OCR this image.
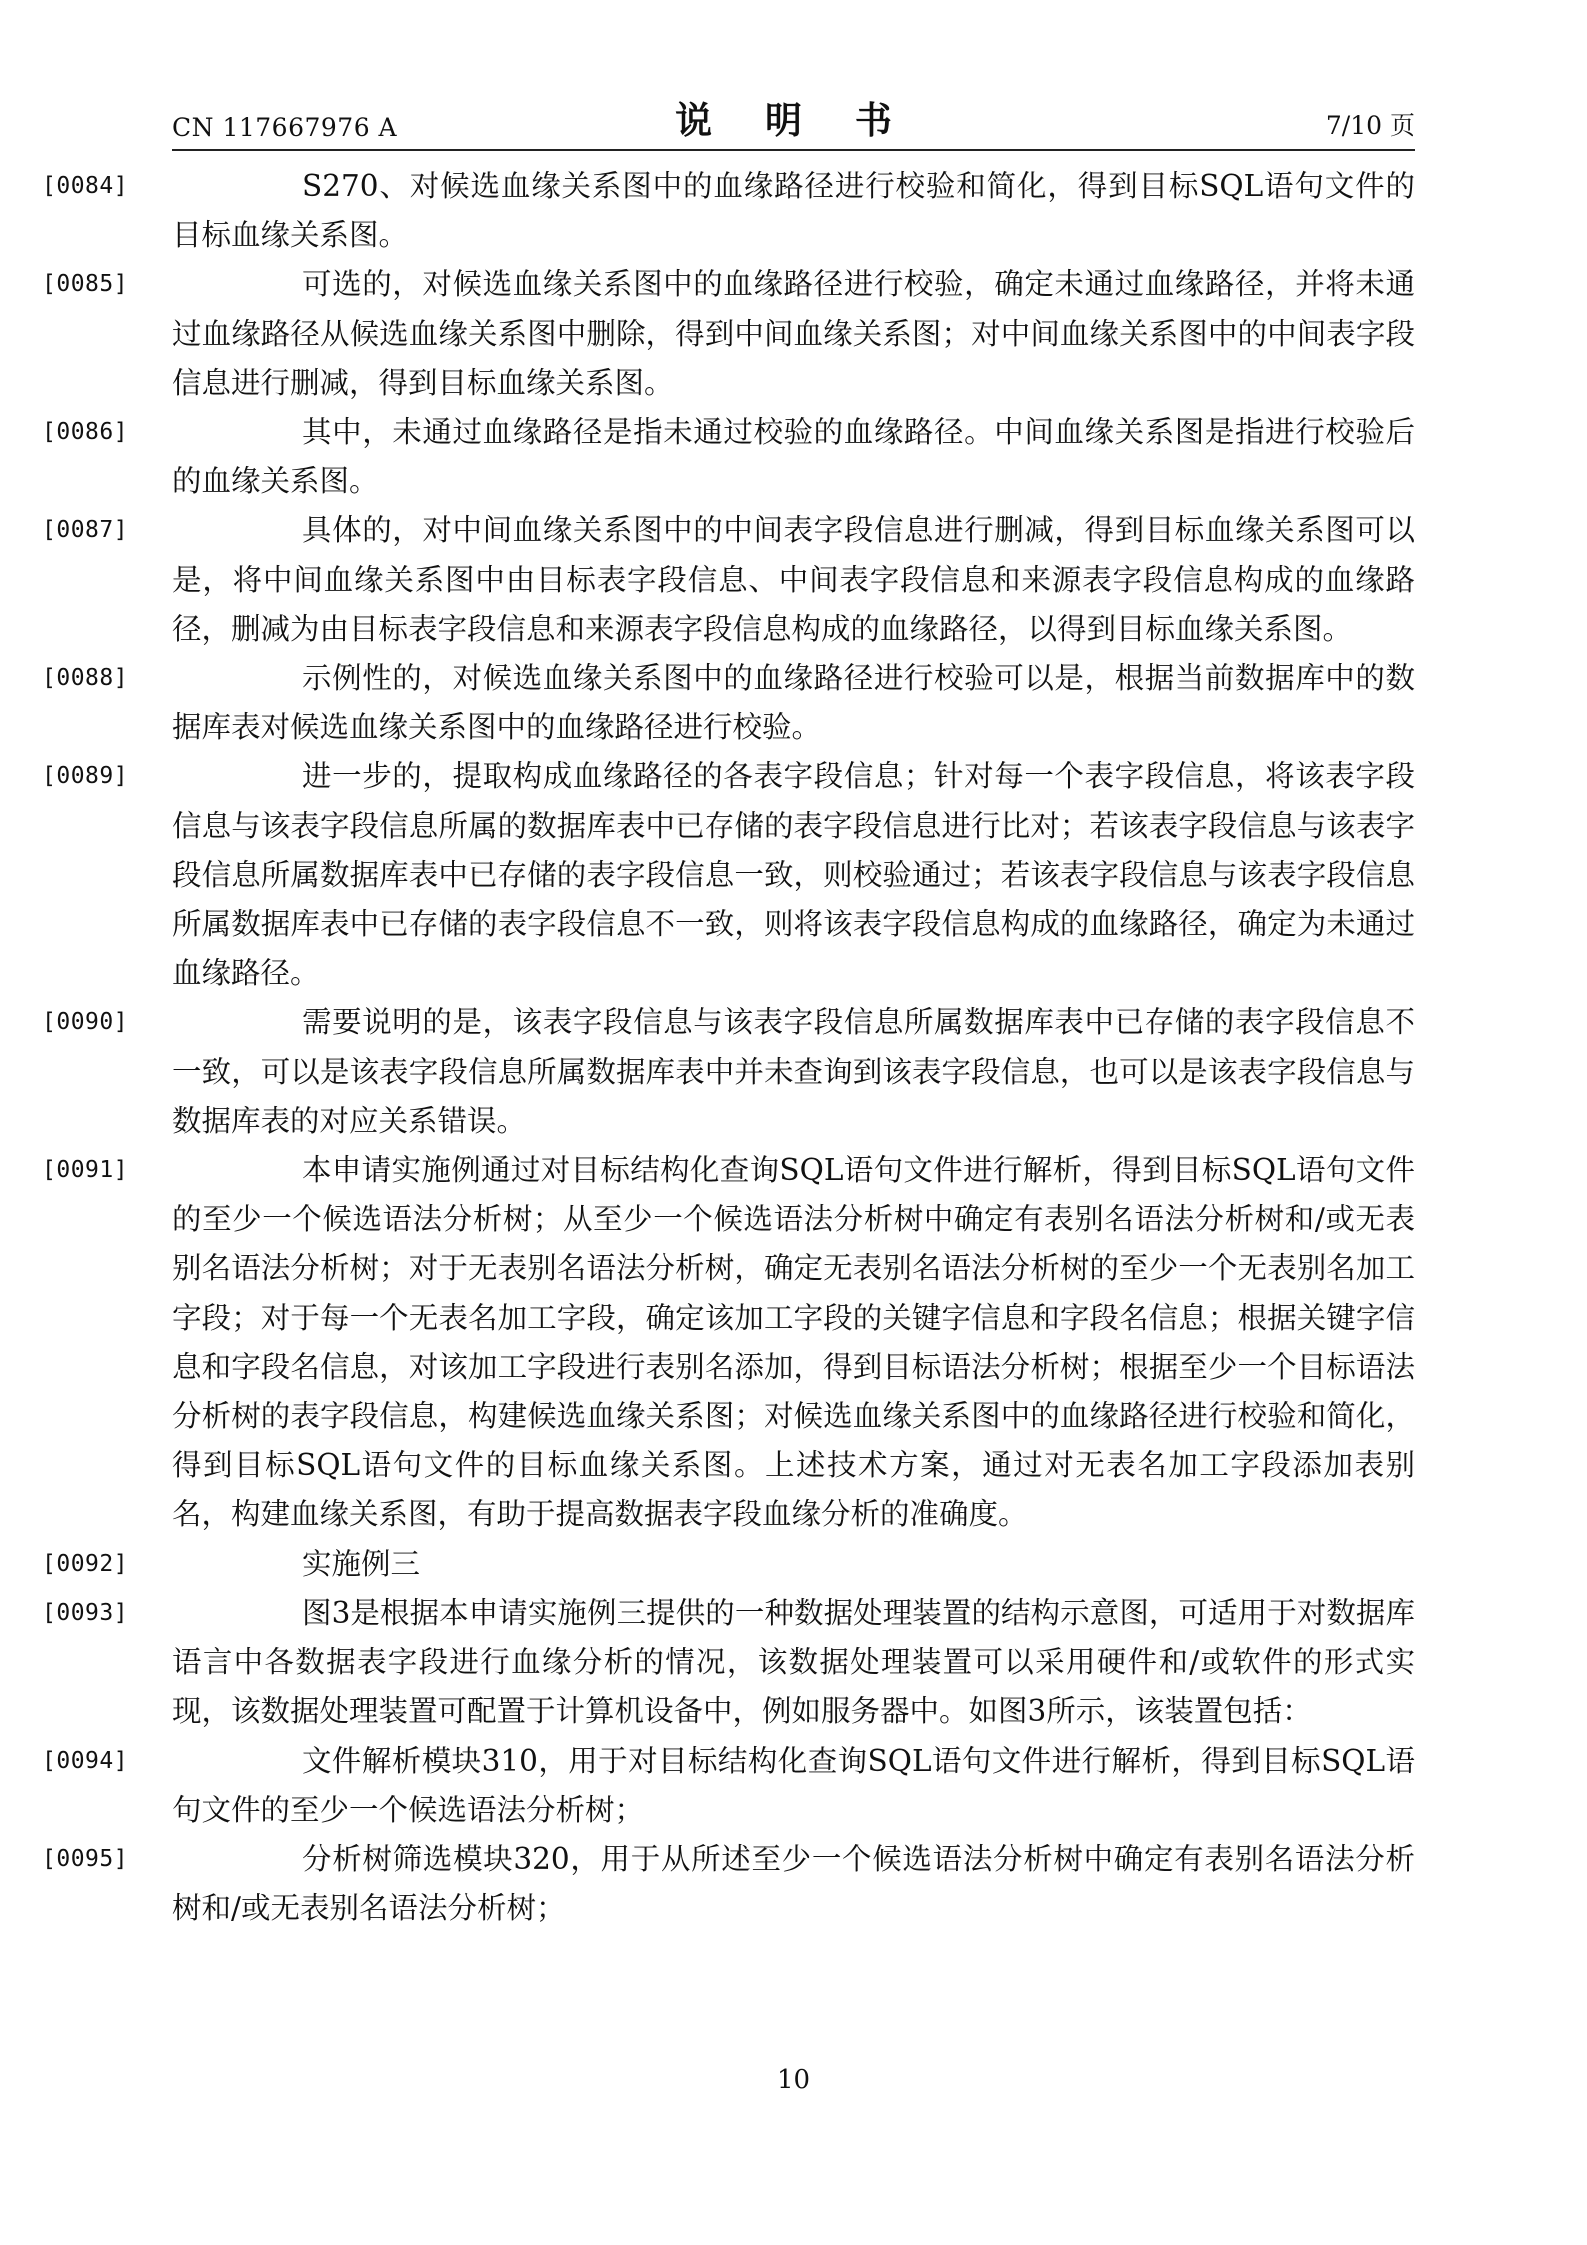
CN 117667976 A	说 明 书	7/10 页

[0084]	S270、对候选血缘关系图中的血缘路径进行校验和简化，得到目标SQL语句文件的目标血缘关系图。

[0085]	可选的，对候选血缘关系图中的血缘路径进行校验，确定未通过血缘路径，并将未通过血缘路径从候选血缘关系图中删除，得到中间血缘关系图；对中间血缘关系图中的中间表字段信息进行删减，得到目标血缘关系图。

[0086]	其中，未通过血缘路径是指未通过校验的血缘路径。中间血缘关系图是指进行校验后的血缘关系图。

[0087]	具体的，对中间血缘关系图中的中间表字段信息进行删减，得到目标血缘关系图可以是，将中间血缘关系图中由目标表字段信息、中间表字段信息和来源表字段信息构成的血缘路径，删减为由目标表字段信息和来源表字段信息构成的血缘路径，以得到目标血缘关系图。

[0088]	示例性的，对候选血缘关系图中的血缘路径进行校验可以是，根据当前数据库中的数据库表对候选血缘关系图中的血缘路径进行校验。

[0089]	进一步的，提取构成血缘路径的各表字段信息；针对每一个表字段信息，将该表字段信息与该表字段信息所属的数据库表中已存储的表字段信息进行比对；若该表字段信息与该表字段信息所属数据库表中已存储的表字段信息一致，则校验通过；若该表字段信息与该表字段信息所属数据库表中已存储的表字段信息不一致，则将该表字段信息构成的血缘路径，确定为未通过血缘路径。

[0090]	需要说明的是，该表字段信息与该表字段信息所属数据库表中已存储的表字段信息不一致，可以是该表字段信息所属数据库表中并未查询到该表字段信息，也可以是该表字段信息与数据库表的对应关系错误。

[0091]	本申请实施例通过对目标结构化查询SQL语句文件进行解析，得到目标SQL语句文件的至少一个候选语法分析树；从至少一个候选语法分析树中确定有表别名语法分析树和/或无表别名语法分析树；对于无表别名语法分析树，确定无表别名语法分析树的至少一个无表别名加工字段；对于每一个无表名加工字段，确定该加工字段的关键字信息和字段名信息；根据关键字信息和字段名信息，对该加工字段进行表别名添加，得到目标语法分析树；根据至少一个目标语法分析树的表字段信息，构建候选血缘关系图；对候选血缘关系图中的血缘路径进行校验和简化，得到目标SQL语句文件的目标血缘关系图。上述技术方案，通过对无表名加工字段添加表别名，构建血缘关系图，有助于提高数据表字段血缘分析的准确度。

[0092]	实施例三

[0093]	图3是根据本申请实施例三提供的一种数据处理装置的结构示意图，可适用于对数据库语言中各数据表字段进行血缘分析的情况，该数据处理装置可以采用硬件和/或软件的形式实现，该数据处理装置可配置于计算机设备中，例如服务器中。如图3所示，该装置包括：

[0094]	文件解析模块310，用于对目标结构化查询SQL语句文件进行解析，得到目标SQL语句文件的至少一个候选语法分析树；

[0095]	分析树筛选模块320，用于从所述至少一个候选语法分析树中确定有表别名语法分析树和/或无表别名语法分析树；

10
